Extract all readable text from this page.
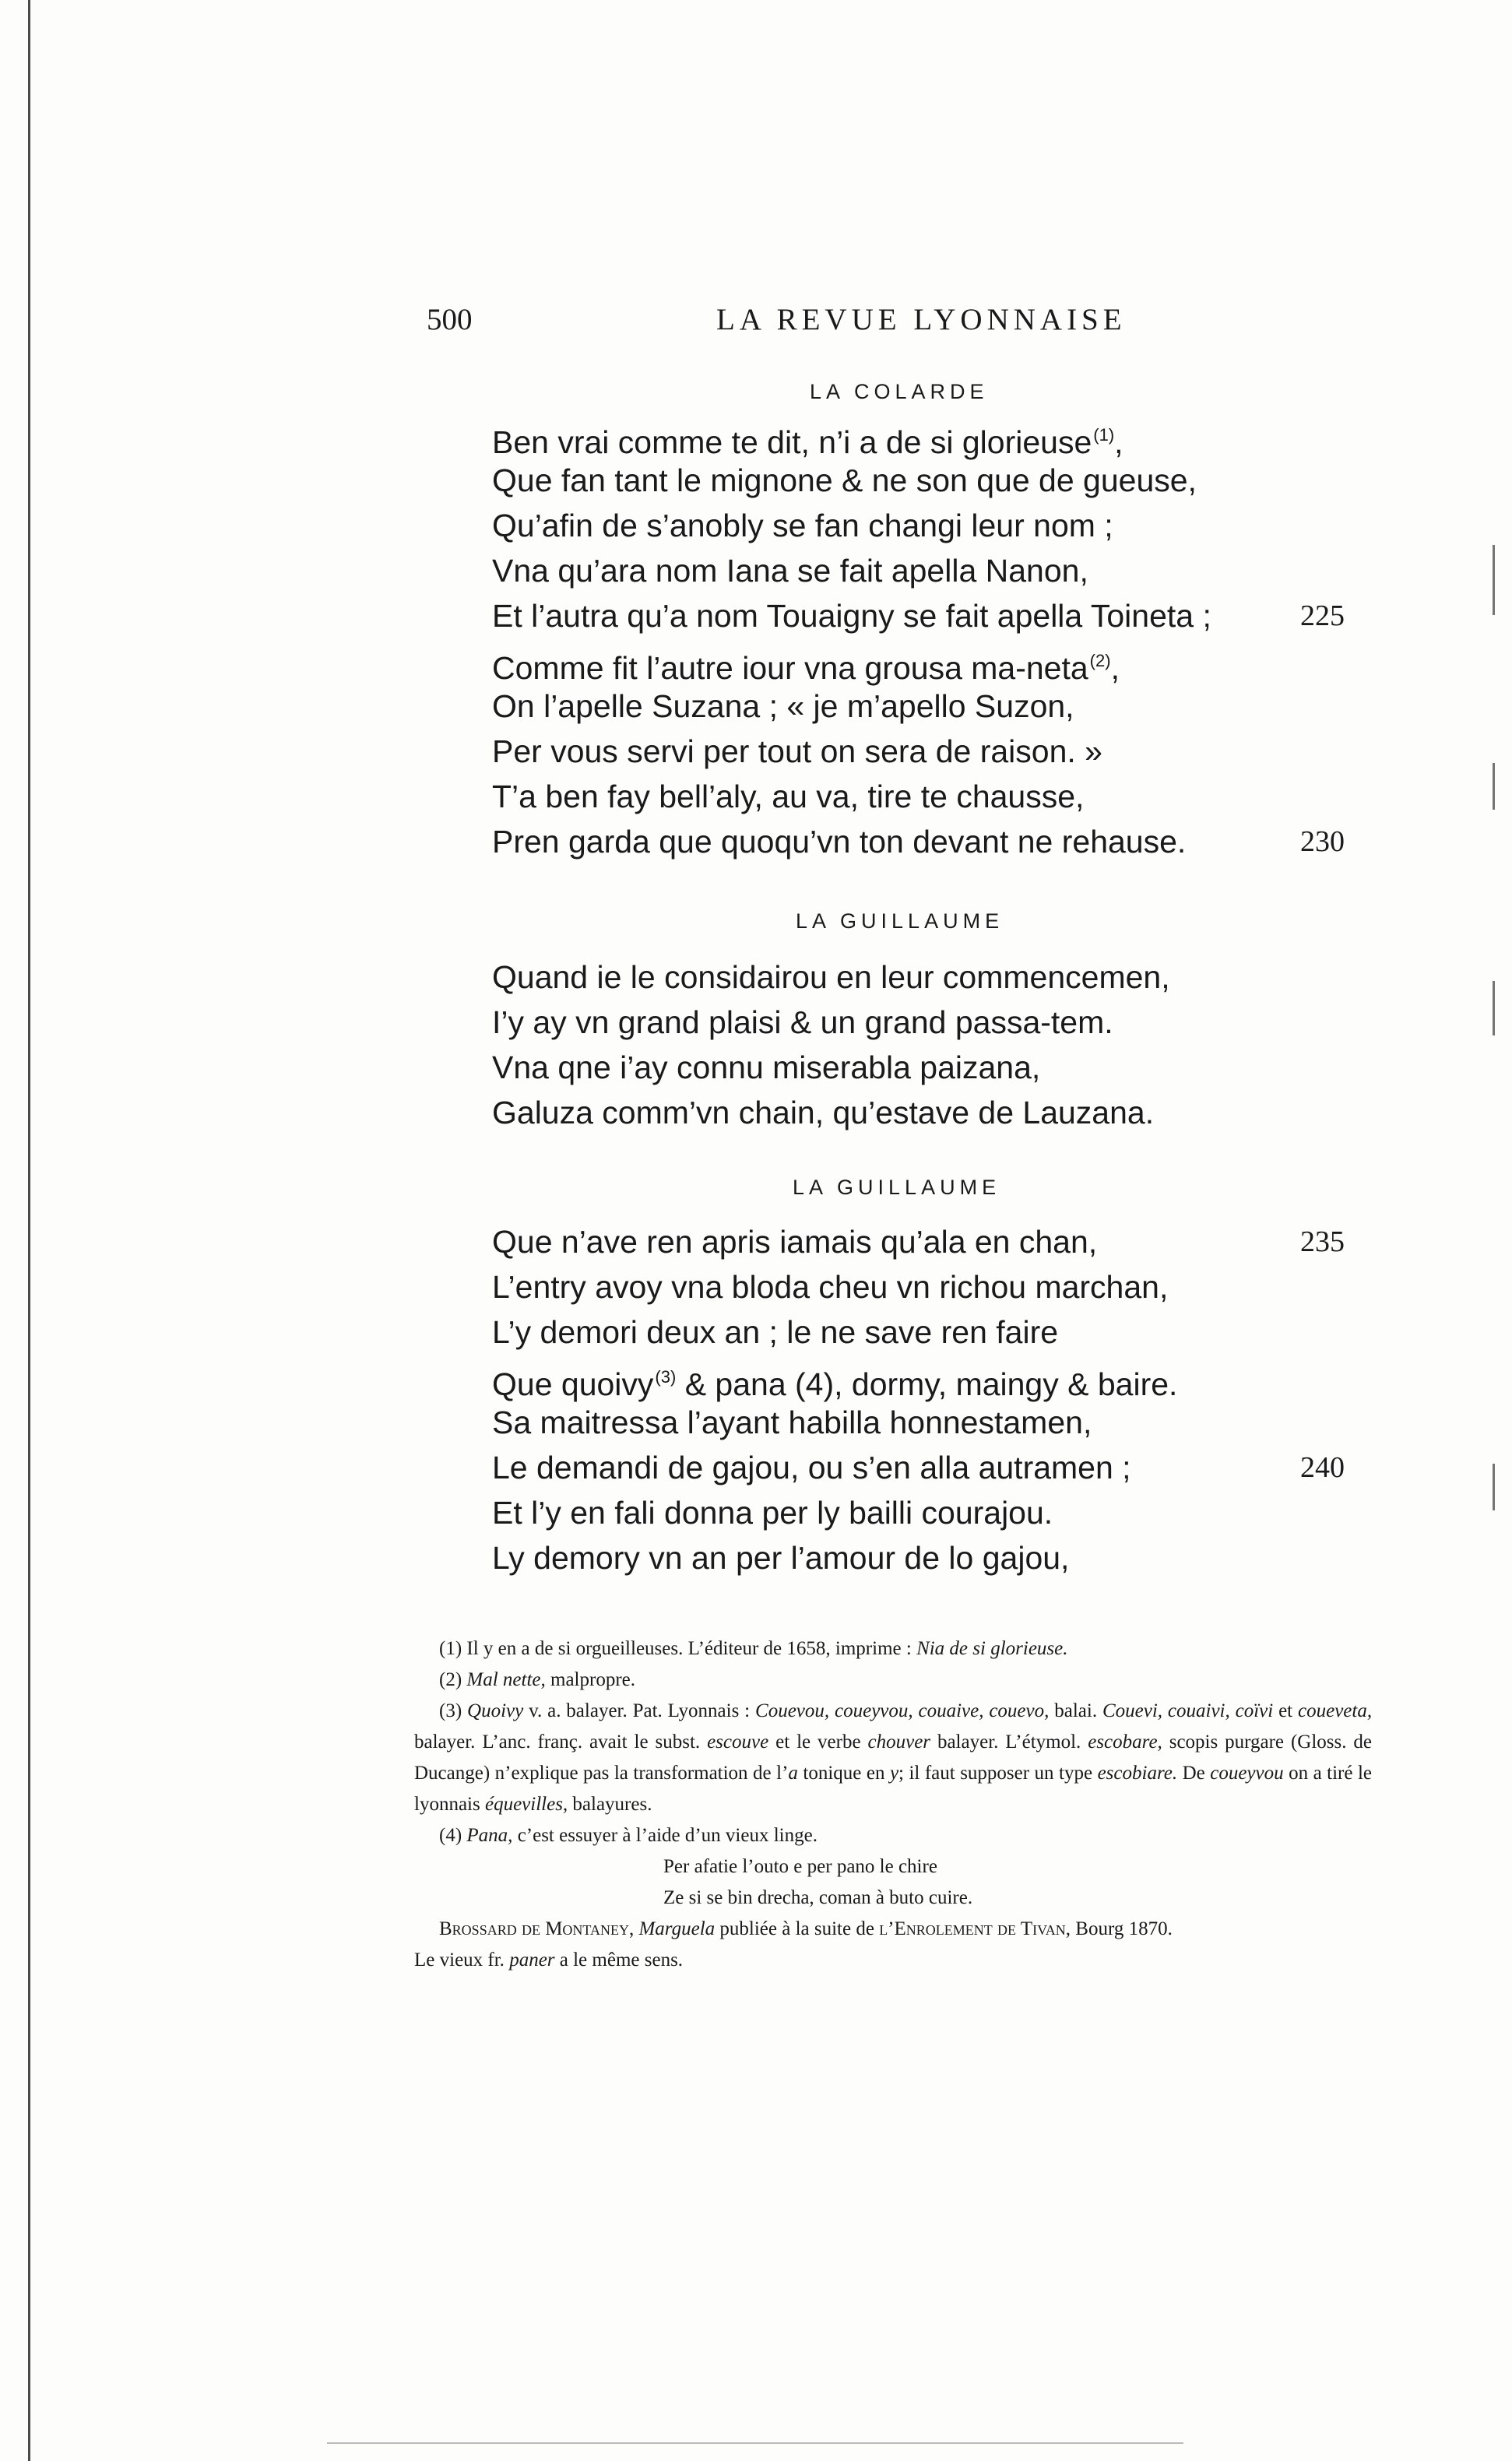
500	LA REVUE LYONNAISE
LA COLARDE
Ben vrai comme te dit, n’i a de si glorieuse$^{(1)}$,
Que fan tant le mignone & ne son que de gueuse,
Qu’afin de s’anobly se fan changi leur nom ;
Vna qu’ara nom Iana se fait apella Nanon,
Et l’autra qu’a nom Touaigny se fait apella Toineta ;	225
Comme fit l’autre iour vna grousa ma-neta$^{(2)}$,
On l’apelle Suzana ; « je m’apello Suzon,
Per vous servi per tout on sera de raison. »
T’a ben fay bell’aly, au va, tire te chausse,
Pren garda que quoqu’vn ton devant ne rehause.	230
LA GUILLAUME
Quand ie le considairou en leur commencemen,
I’y ay vn grand plaisi & un grand passa-tem.
Vna qne i’ay connu miserabla paizana,
Galuza comm’vn chain, qu’estave de Lauzana.
LA GUILLAUME
Que n’ave ren apris iamais qu’ala en chan,	235
L’entry avoy vna bloda cheu vn richou marchan,
L’y demori deux an ; le ne save ren faire
Que quoivy$^{(3)}$ & pana (4), dormy, maingy & baire.
Sa maitressa l’ayant habilla honnestamen,
Le demandi de gajou, ou s’en alla autramen ;	240
Et l’y en fali donna per ly bailli courajou.
Ly demory vn an per l’amour de lo gajou,
(1) Il y en a de si orgueilleuses. L’éditeur de 1658, imprime : Nia de si glorieuse.
(2) Mal nette, malpropre.
(3) Quoivy v. a. balayer. Pat. Lyonnais : Couevou, coueyvou, couaive, couevo, balai. Couevi, couaivi, coïvi et coueveta, balayer. L’anc. franç. avait le subst. escouve et le verbe chouver balayer. L’étymol. escobare, scopis purgare (Gloss. de Ducange) n’explique pas la transformation de l’a tonique en y; il faut supposer un type escobiare. De coueyvou on a tiré le lyonnais équevilles, balayures.
(4) Pana, c’est essuyer à l’aide d’un vieux linge.
Per afatie l’outo e per pano le chire
Ze si se bin drecha, coman à buto cuire.
Brossard de Montaney, Marguela publiée à la suite de l’Enrolement de Tivan, Bourg 1870.
Le vieux fr. paner a le même sens.
